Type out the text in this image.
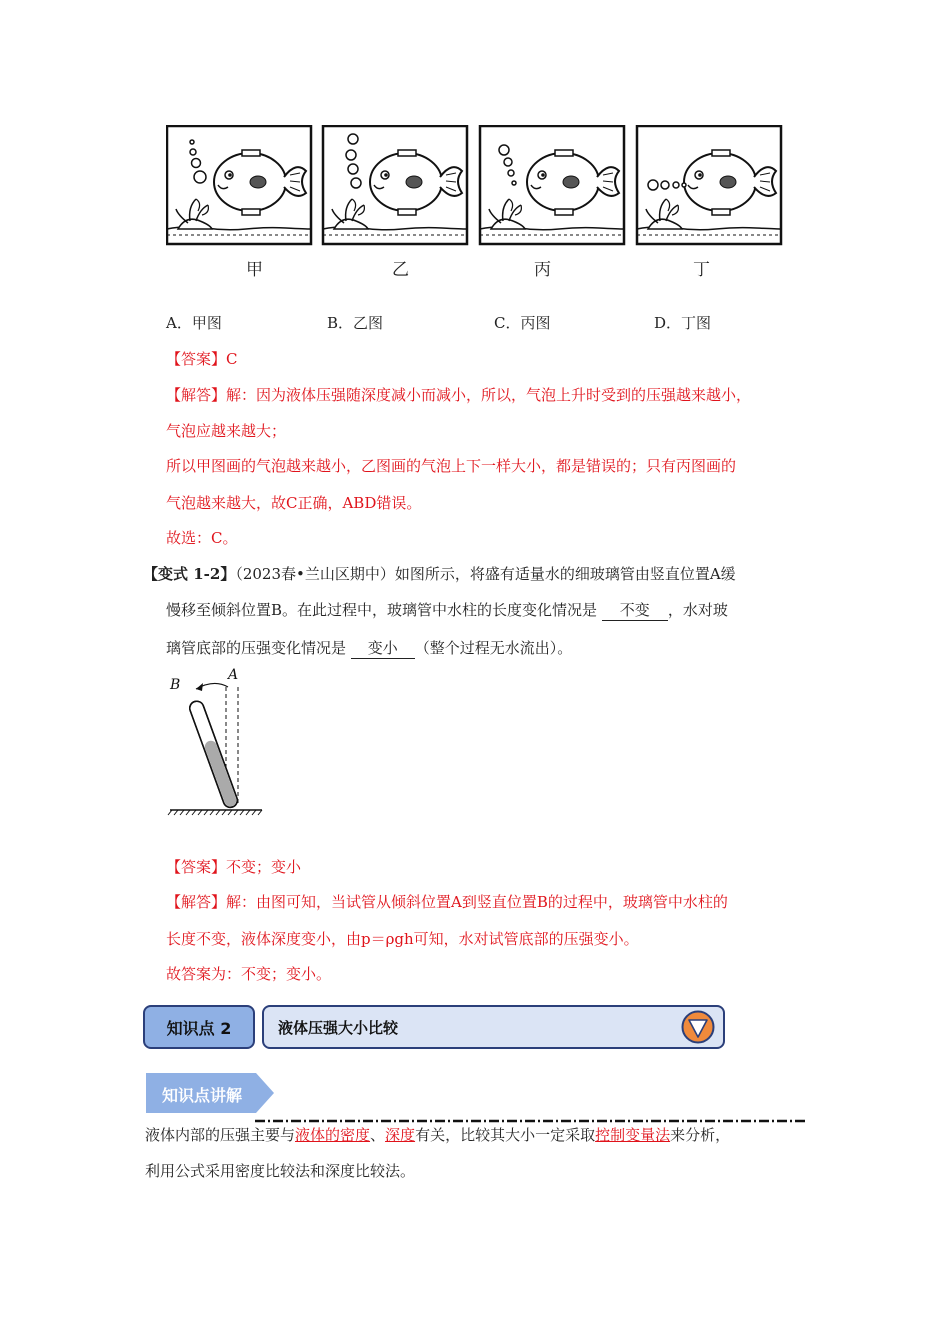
甲	乙	丙	丁
A．甲图	B．乙图	C．丙图	D．丁图
【答案】C
【解答】解：因为液体压强随深度减小而减小，所以，气泡上升时受到的压强越来越小，
气泡应越来越大；
所以甲图画的气泡越来越小，乙图画的气泡上下一样大小，都是错误的；只有丙图画的
气泡越来越大，故C正确，ABD错误。
故选：C。
【变式 1-2】（2023春•兰山区期中）如图所示，将盛有适量水的细玻璃管由竖直位置A缓
慢移至倾斜位置B。在此过程中，玻璃管中水柱的长度变化情况是 不变 ，水对玻
璃管底部的压强变化情况是 变小 （整个过程无水流出）。
B
A
【答案】不变；变小
【解答】解：由图可知，当试管从倾斜位置A到竖直位置B的过程中，玻璃管中水柱的
长度不变，液体深度变小，由p＝ρgh可知，水对试管底部的压强变小。
故答案为：不变；变小。
知识点 2	液体压强大小比较
知识点讲解
液体内部的压强主要与液体的密度、深度有关，比较其大小一定采取控制变量法来分析，
利用公式采用密度比较法和深度比较法。
